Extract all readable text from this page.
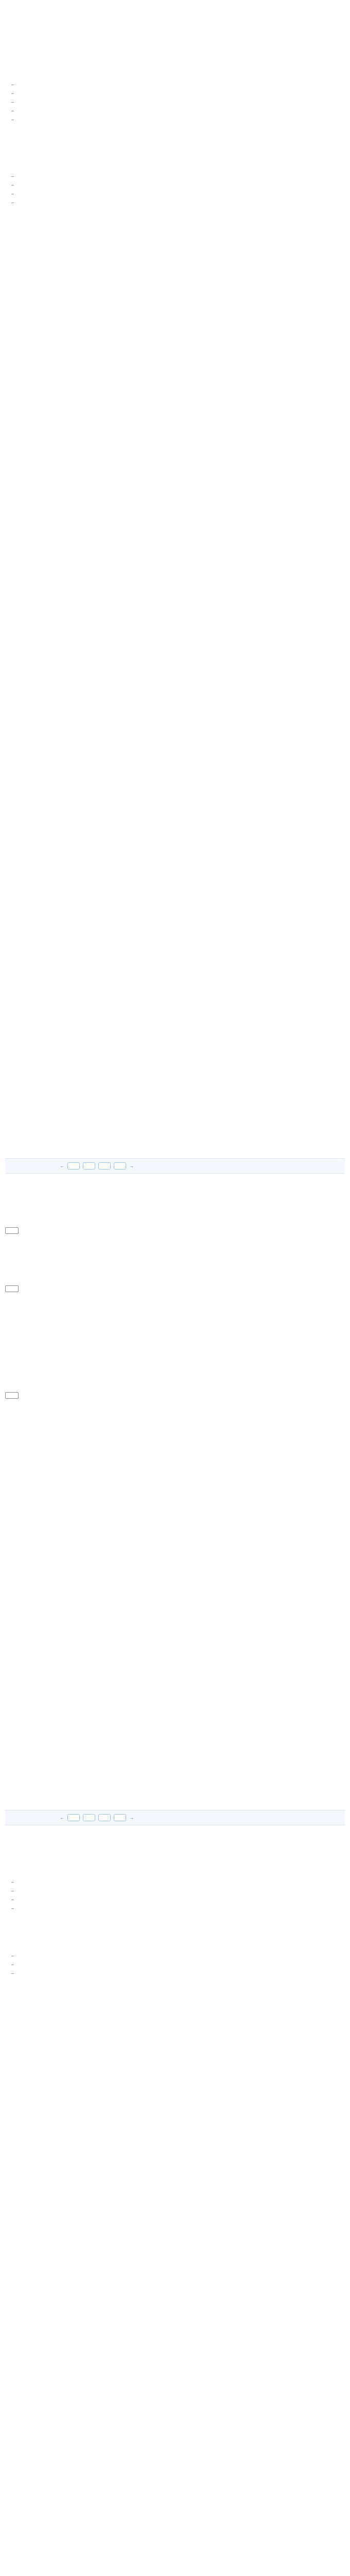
–
–
–
–
–

–
–
–
–

←	→

←	→

–
–
–
–

–
–
–
